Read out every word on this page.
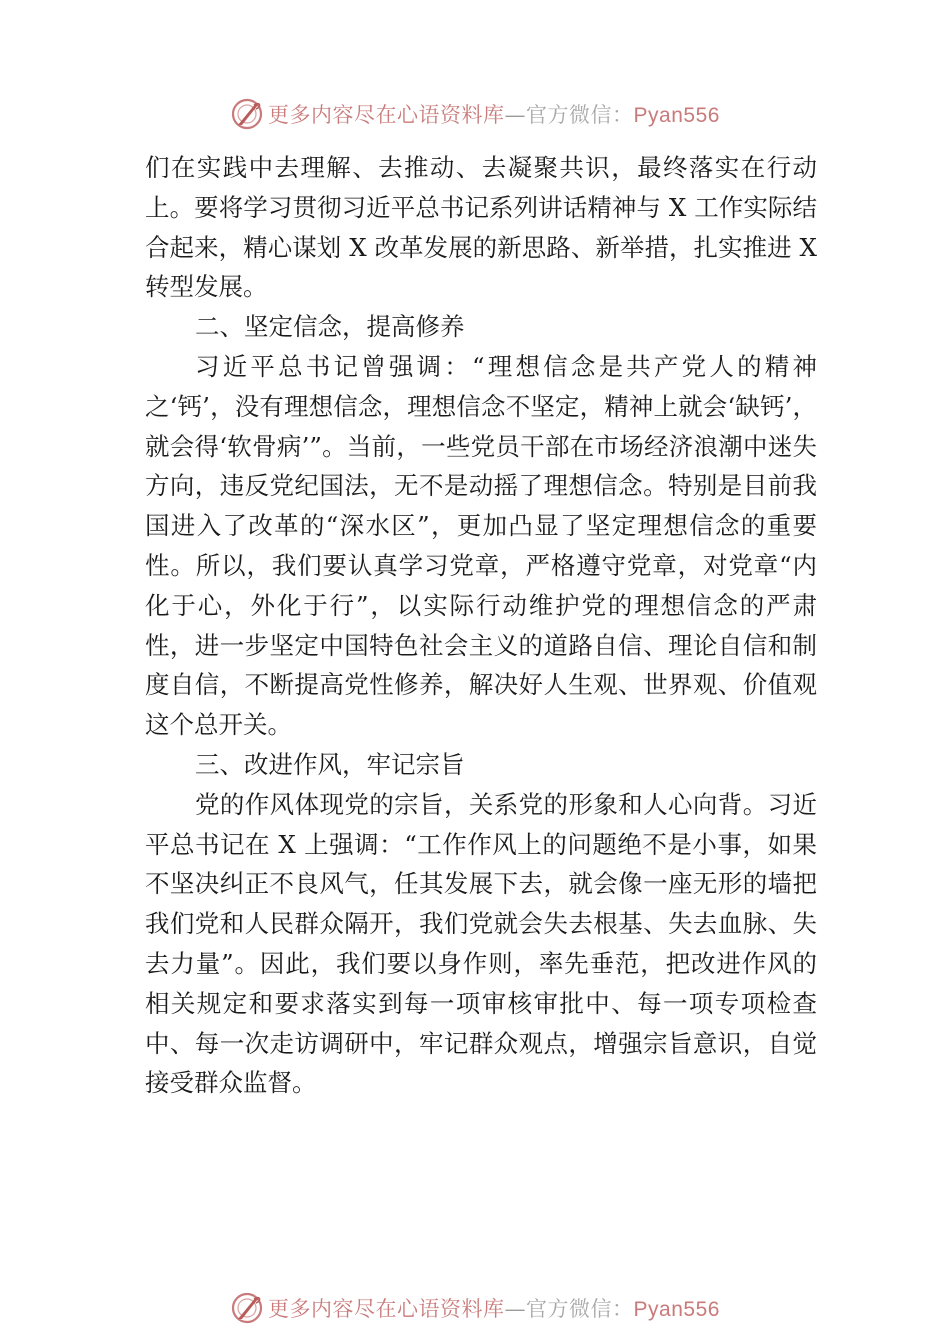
更多内容尽在心语资料库—官方微信：Pyan556

们在实践中去理解、去推动、去凝聚共识，最终落实在行动上。要将学习贯彻习近平总书记系列讲话精神与 X 工作实际结合起来，精心谋划 X 改革发展的新思路、新举措，扎实推进 X 转型发展。

二、坚定信念，提高修养

习近平总书记曾强调：“理想信念是共产党人的精神之‘钙’，没有理想信念，理想信念不坚定，精神上就会‘缺钙’，就会得‘软骨病’”。当前，一些党员干部在市场经济浪潮中迷失方向，违反党纪国法，无不是动摇了理想信念。特别是目前我国进入了改革的“深水区”，更加凸显了坚定理想信念的重要性。所以，我们要认真学习党章，严格遵守党章，对党章“内化于心，外化于行”，以实际行动维护党的理想信念的严肃性，进一步坚定中国特色社会主义的道路自信、理论自信和制度自信，不断提高党性修养，解决好人生观、世界观、价值观这个总开关。

三、改进作风，牢记宗旨

党的作风体现党的宗旨，关系党的形象和人心向背。习近平总书记在 X 上强调：“工作作风上的问题绝不是小事，如果不坚决纠正不良风气，任其发展下去，就会像一座无形的墙把我们党和人民群众隔开，我们党就会失去根基、失去血脉、失去力量”。因此，我们要以身作则，率先垂范，把改进作风的相关规定和要求落实到每一项审核审批中、每一项专项检查中、每一次走访调研中，牢记群众观点，增强宗旨意识，自觉接受群众监督。

更多内容尽在心语资料库—官方微信：Pyan556
